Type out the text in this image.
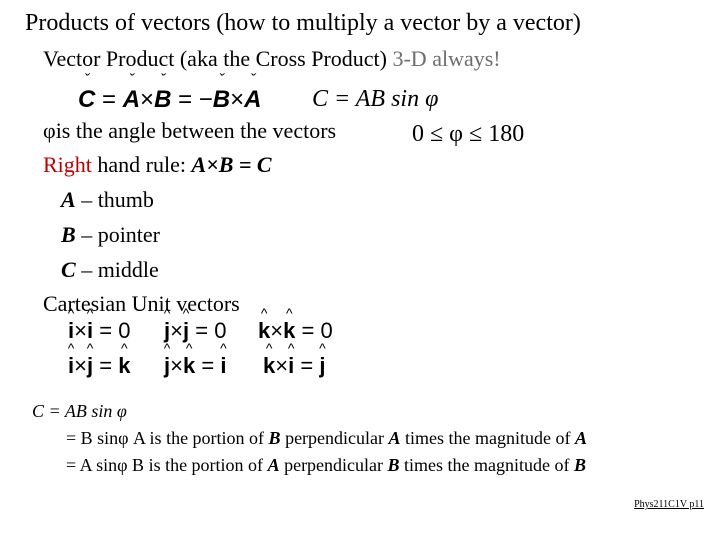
Products of vectors (how to multiply a vector by a vector)
Vector Product (aka the Cross Product) 3-D always!
ˇ C = ˇ A×ˇ B = −ˇ B×ˇ A C = AB sin φ
φis the angle between the vectors	0 ≤ φ ≤ 180
Right hand rule: A×B = C
A – thumb
B – pointer
C – middle
Cartesian Unit vectors
^ i×^ i = 0 ^ j×^ j = 0 ^ k×^ k = 0
^ i×^ j = ^ k ^ j×^ k = ^ i ^ k×^ i = ^ j
C = AB sin φ
= B sinφ A is the portion of B perpendicular A times the magnitude of A
= A sinφ B is the portion of A perpendicular B times the magnitude of B
Phys211C1V p11
